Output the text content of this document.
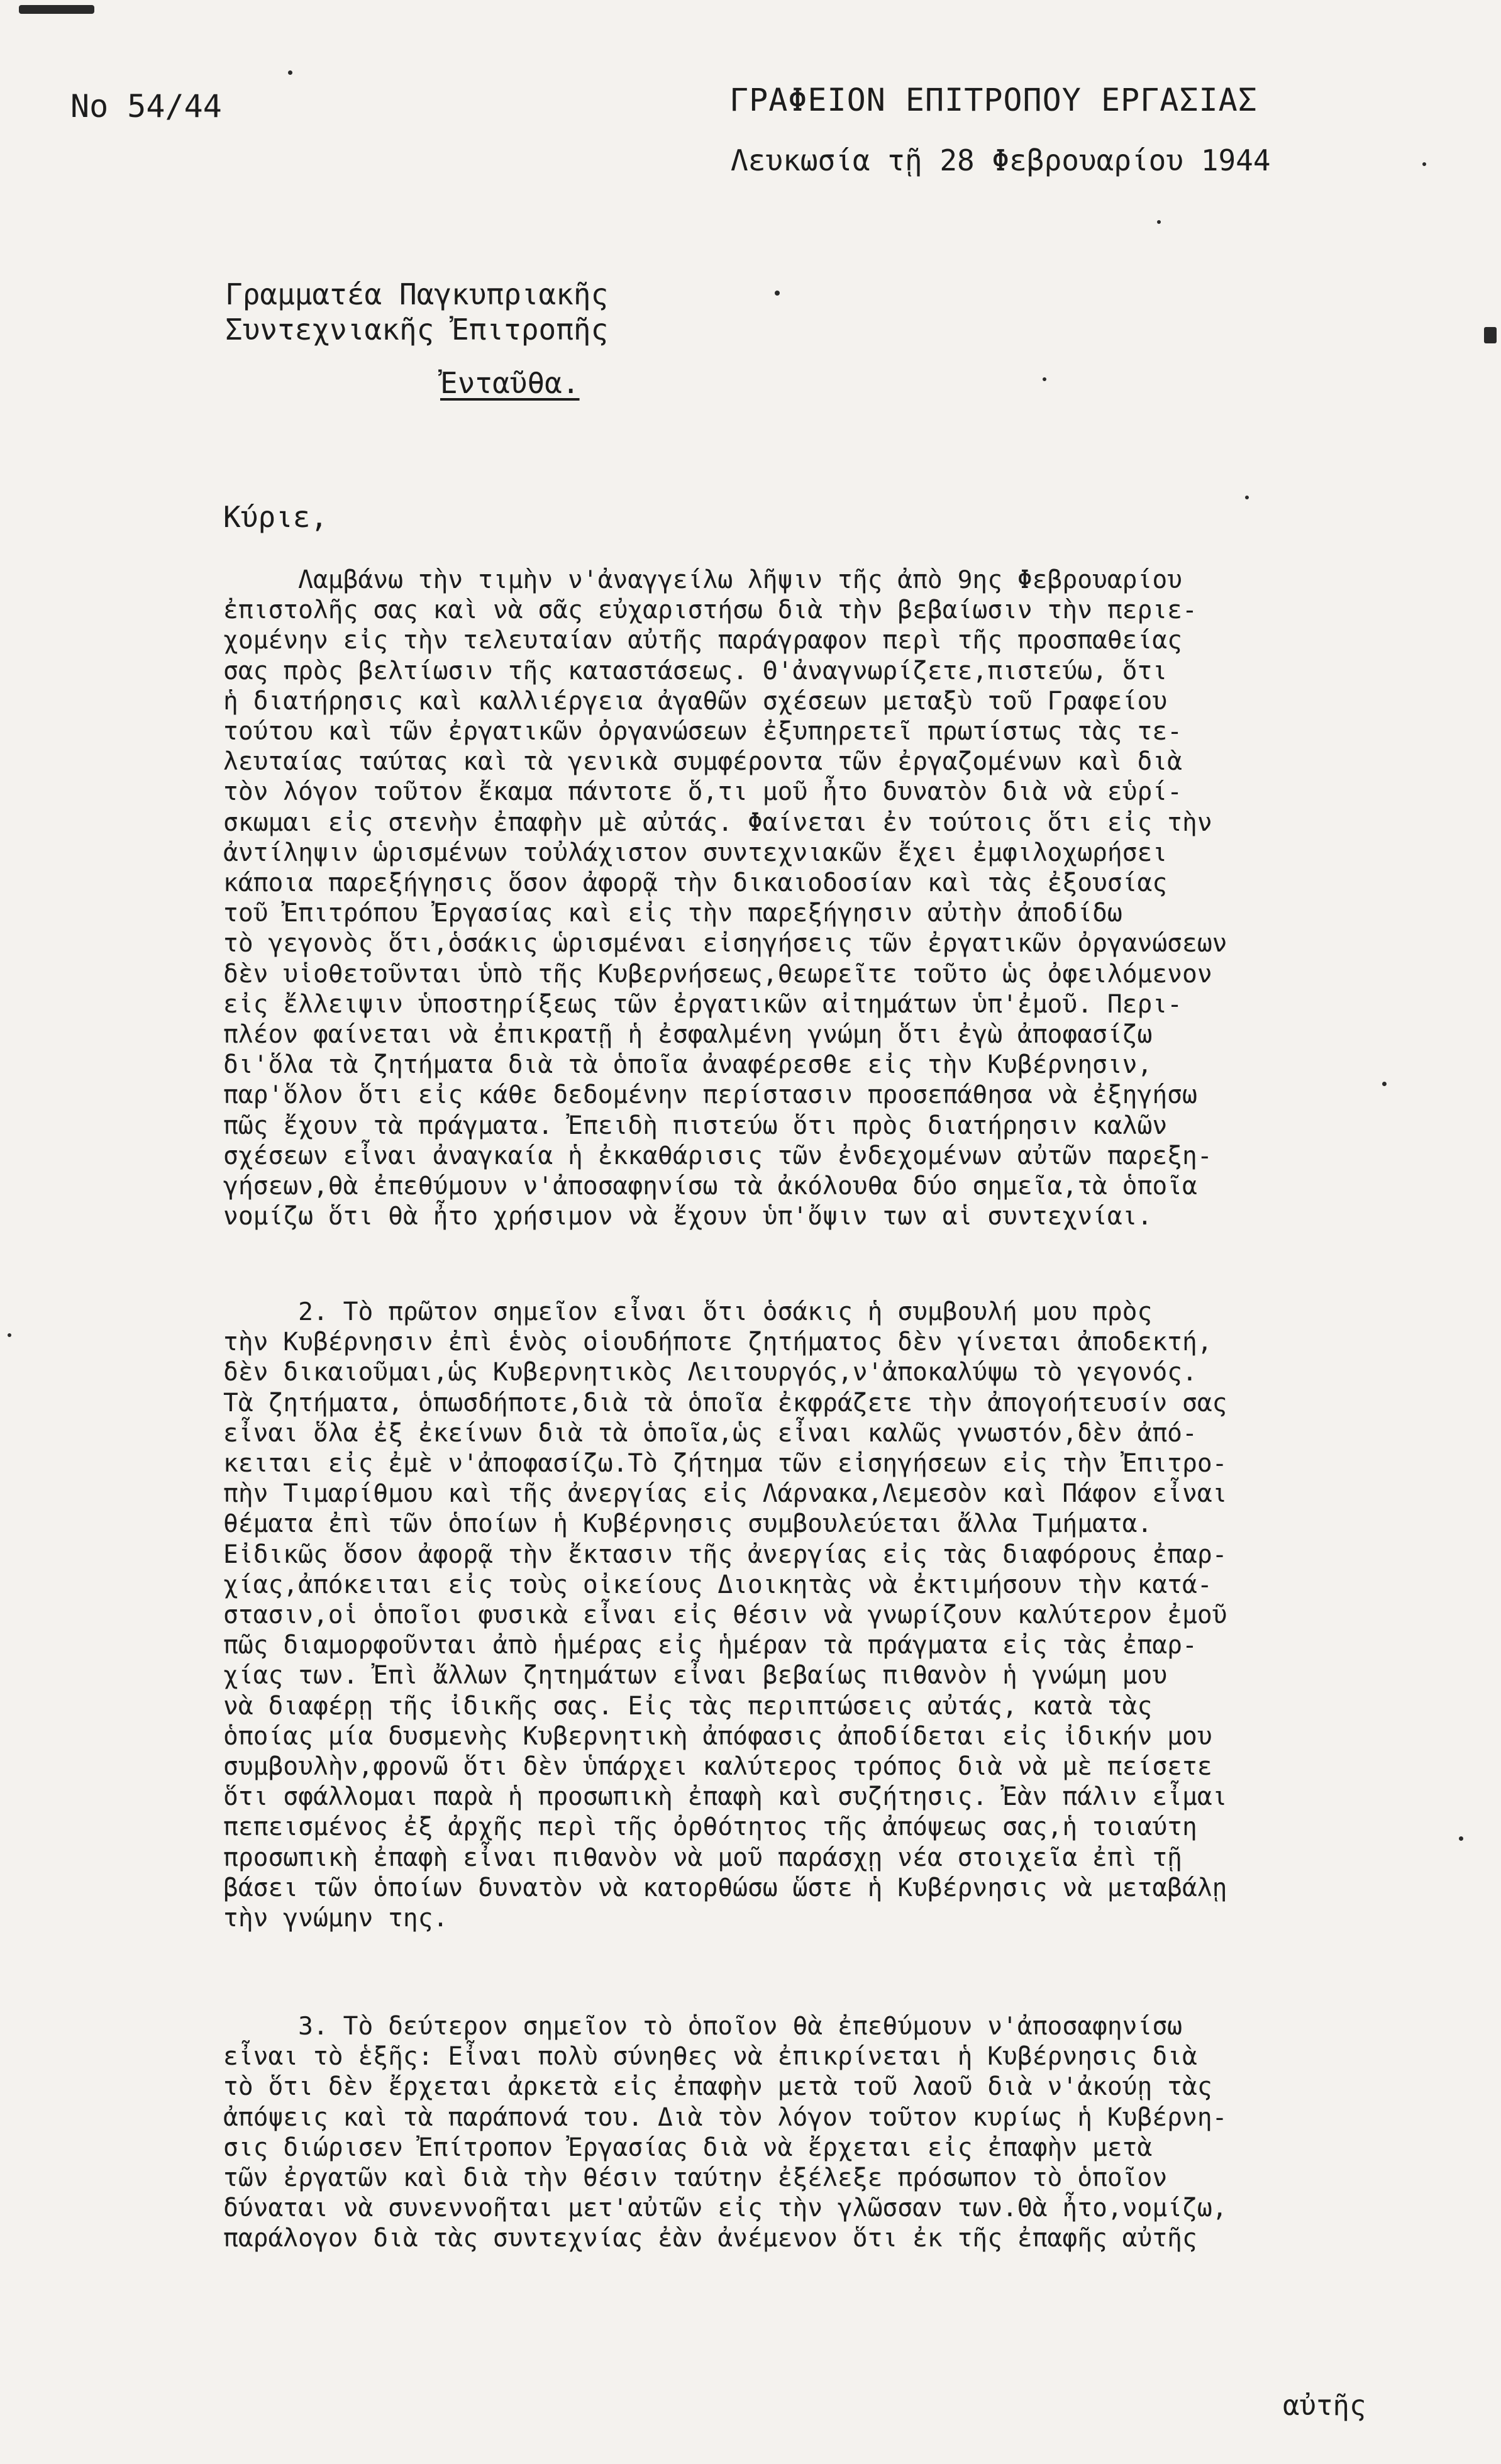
No 54/44	ΓΡΑΦΕΙΟΝ ΕΠΙΤΡΟΠΟΥ ΕΡΓΑΣΙΑΣ
Λευκωσία τῇ 28 Φεβρουαρίου 1944
Γραμματέα Παγκυπριακῆς
Συντεχνιακῆς Ἐπιτροπῆς
Ἐνταῦθα.
Κύριε,
Λαμβάνω τὴν τιμὴν ν'ἀναγγείλω λῆψιν τῆς ἀπὸ 9ης Φεβρουαρίου
ἐπιστολῆς σας καὶ νὰ σᾶς εὐχαριστήσω διὰ τὴν βεβαίωσιν τὴν περιε-
χομένην εἰς τὴν τελευταίαν αὐτῆς παράγραφον περὶ τῆς προσπαθείας
σας πρὸς βελτίωσιν τῆς καταστάσεως. Θ'ἀναγνωρίζετε,πιστεύω, ὅτι
ἡ διατήρησις καὶ καλλιέργεια ἀγαθῶν σχέσεων μεταξὺ τοῦ Γραφείου
τούτου καὶ τῶν ἐργατικῶν ὀργανώσεων ἐξυπηρετεῖ πρωτίστως τὰς τε-
λευταίας ταύτας καὶ τὰ γενικὰ συμφέροντα τῶν ἐργαζομένων καὶ διὰ
τὸν λόγον τοῦτον ἔκαμα πάντοτε ὅ,τι μοῦ ἦτο δυνατὸν διὰ νὰ εὑρί-
σκωμαι εἰς στενὴν ἐπαφὴν μὲ αὐτάς. Φαίνεται ἐν τούτοις ὅτι εἰς τὴν
ἀντίληψιν ὡρισμένων τοὐλάχιστον συντεχνιακῶν ἔχει ἐμφιλοχωρήσει
κάποια παρεξήγησις ὅσον ἀφορᾷ τὴν δικαιοδοσίαν καὶ τὰς ἐξουσίας
τοῦ Ἐπιτρόπου Ἐργασίας καὶ εἰς τὴν παρεξήγησιν αὐτὴν ἀποδίδω
τὸ γεγονὸς ὅτι,ὁσάκις ὡρισμέναι εἰσηγήσεις τῶν ἐργατικῶν ὀργανώσεων
δὲν υἱοθετοῦνται ὑπὸ τῆς Κυβερνήσεως,θεωρεῖτε τοῦτο ὡς ὀφειλόμενον
εἰς ἔλλειψιν ὑποστηρίξεως τῶν ἐργατικῶν αἰτημάτων ὑπ'ἐμοῦ. Περι-
πλέον φαίνεται νὰ ἐπικρατῇ ἡ ἐσφαλμένη γνώμη ὅτι ἐγὼ ἀποφασίζω
δι'ὅλα τὰ ζητήματα διὰ τὰ ὁποῖα ἀναφέρεσθε εἰς τὴν Κυβέρνησιν,
παρ'ὅλον ὅτι εἰς κάθε δεδομένην περίστασιν προσεπάθησα νὰ ἐξηγήσω
πῶς ἔχουν τὰ πράγματα. Ἐπειδὴ πιστεύω ὅτι πρὸς διατήρησιν καλῶν
σχέσεων εἶναι ἀναγκαία ἡ ἐκκαθάρισις τῶν ἐνδεχομένων αὐτῶν παρεξη-
γήσεων,θὰ ἐπεθύμουν ν'ἀποσαφηνίσω τὰ ἀκόλουθα δύο σημεῖα,τὰ ὁποῖα
νομίζω ὅτι θὰ ἦτο χρήσιμον νὰ ἔχουν ὑπ'ὄψιν των αἱ συντεχνίαι.
2. Τὸ πρῶτον σημεῖον εἶναι ὅτι ὁσάκις ἡ συμβουλή μου πρὸς
τὴν Κυβέρνησιν ἐπὶ ἑνὸς οἱουδήποτε ζητήματος δὲν γίνεται ἀποδεκτή,
δὲν δικαιοῦμαι,ὡς Κυβερνητικὸς Λειτουργός,ν'ἀποκαλύψω τὸ γεγονός.
Τὰ ζητήματα, ὁπωσδήποτε,διὰ τὰ ὁποῖα ἐκφράζετε τὴν ἀπογοήτευσίν σας
εἶναι ὅλα ἐξ ἐκείνων διὰ τὰ ὁποῖα,ὡς εἶναι καλῶς γνωστόν,δὲν ἀπό-
κειται εἰς ἐμὲ ν'ἀποφασίζω.Τὸ ζήτημα τῶν εἰσηγήσεων εἰς τὴν Ἐπιτρο-
πὴν Τιμαρίθμου καὶ τῆς ἀνεργίας εἰς Λάρνακα,Λεμεσὸν καὶ Πάφον εἶναι
θέματα ἐπὶ τῶν ὁποίων ἡ Κυβέρνησις συμβουλεύεται ἄλλα Τμήματα.
Εἰδικῶς ὅσον ἀφορᾷ τὴν ἔκτασιν τῆς ἀνεργίας εἰς τὰς διαφόρους ἐπαρ-
χίας,ἀπόκειται εἰς τοὺς οἰκείους Διοικητὰς νὰ ἐκτιμήσουν τὴν κατά-
στασιν,οἱ ὁποῖοι φυσικὰ εἶναι εἰς θέσιν νὰ γνωρίζουν καλύτερον ἐμοῦ
πῶς διαμορφοῦνται ἀπὸ ἡμέρας εἰς ἡμέραν τὰ πράγματα εἰς τὰς ἐπαρ-
χίας των. Ἐπὶ ἄλλων ζητημάτων εἶναι βεβαίως πιθανὸν ἡ γνώμη μου
νὰ διαφέρῃ τῆς ἰδικῆς σας. Εἰς τὰς περιπτώσεις αὐτάς, κατὰ τὰς
ὁποίας μία δυσμενὴς Κυβερνητικὴ ἀπόφασις ἀποδίδεται εἰς ἰδικήν μου
συμβουλὴν,φρονῶ ὅτι δὲν ὑπάρχει καλύτερος τρόπος διὰ νὰ μὲ πείσετε
ὅτι σφάλλομαι παρὰ ἡ προσωπικὴ ἐπαφὴ καὶ συζήτησις. Ἐὰν πάλιν εἶμαι
πεπεισμένος ἐξ ἀρχῆς περὶ τῆς ὀρθότητος τῆς ἀπόψεως σας,ἡ τοιαύτη
προσωπικὴ ἐπαφὴ εἶναι πιθανὸν νὰ μοῦ παράσχῃ νέα στοιχεῖα ἐπὶ τῇ
βάσει τῶν ὁποίων δυνατὸν νὰ κατορθώσω ὥστε ἡ Κυβέρνησις νὰ μεταβάλῃ
τὴν γνώμην της.
3. Τὸ δεύτερον σημεῖον τὸ ὁποῖον θὰ ἐπεθύμουν ν'ἀποσαφηνίσω
εἶναι τὸ ἑξῆς: Εἶναι πολὺ σύνηθες νὰ ἐπικρίνεται ἡ Κυβέρνησις διὰ
τὸ ὅτι δὲν ἔρχεται ἀρκετὰ εἰς ἐπαφὴν μετὰ τοῦ λαοῦ διὰ ν'ἀκούῃ τὰς
ἀπόψεις καὶ τὰ παράπονά του. Διὰ τὸν λόγον τοῦτον κυρίως ἡ Κυβέρνη-
σις διώρισεν Ἐπίτροπον Ἐργασίας διὰ νὰ ἔρχεται εἰς ἐπαφὴν μετὰ
τῶν ἐργατῶν καὶ διὰ τὴν θέσιν ταύτην ἐξέλεξε πρόσωπον τὸ ὁποῖον
δύναται νὰ συνεννοῆται μετ'αὐτῶν εἰς τὴν γλῶσσαν των.Θὰ ἦτο,νομίζω,
παράλογον διὰ τὰς συντεχνίας ἐὰν ἀνέμενον ὅτι ἐκ τῆς ἐπαφῆς αὐτῆς
αὐτῆς
